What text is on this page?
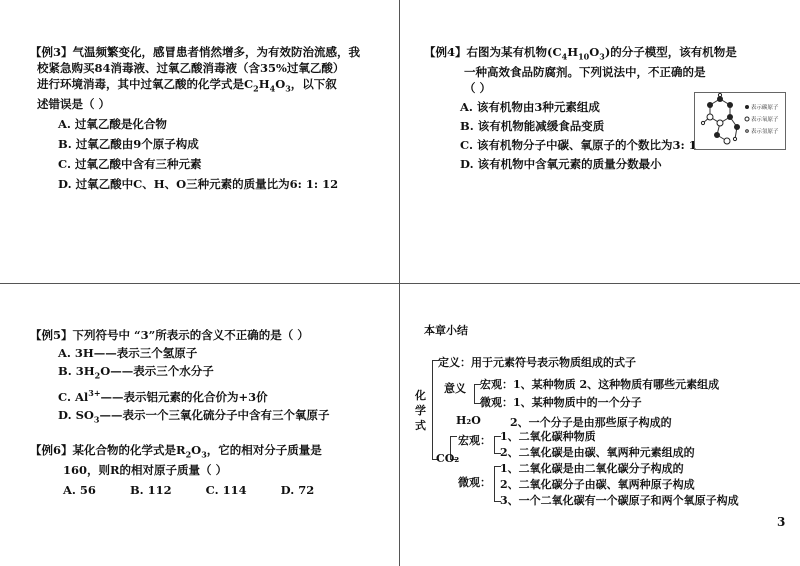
【例3】气温频繁变化，感冒患者悄然增多，为有效防治流感，我
校紧急购买84消毒液、过氧乙酸消毒液（含35%过氧乙酸）
进行环境消毒，其中过氧乙酸的化学式是$C_2H_4O_3$，以下叙
述错误是（ ）
A. 过氧乙酸是化合物
B. 过氧乙酸由9个原子构成
C. 过氧乙酸中含有三种元素
D. 过氧乙酸中C、H、O三种元素的质量比为6: 1: 12
【例4】右图为某有机物$(C_4H_{10}O_3)$的分子模型，该有机物是
一种高效食品防腐剂。下列说法中，不正确的是
（ ）
A. 该有机物由3种元素组成
B. 该有机物能减缓食品变质
C. 该有机物分子中碳、氧原子的个数比为3: 1
D. 该有机物中含氧元素的质量分数最小
表示碳原子
表示氧原子
表示氢原子
【例5】下列符号中 “3”所表示的含义不正确的是（ ）
A. 3H——表示三个氢原子
B. $3H_2O——$表示三个水分子
C. $Al^{3+}——$表示铝元素的化合价为+3价
D. $SO_3——$表示一个三氧化硫分子中含有三个氧原子
【例6】某化合物的化学式是$R_2O_3$，它的相对分子质量是
160，则R的相对原子质量（ ）
A. 56	B. 112	C. 114	D. 72
本章小结
化
学
式
定义：用于元素符号表示物质组成的式子
意义 宏观：1、某种物质 2、这种物质有哪些元素组成
微观：1、某种物质中的一个分子
H₂O	2、一个分子是由那些原子构成的
CO₂
宏观： 1、二氧化碳种物质
2、二氧化碳是由碳、氧两种元素组成的
微观：
1、二氧化碳是由二氧化碳分子构成的
2、二氧化碳分子由碳、氧两种原子构成
3、一个二氧化碳有一个碳原子和两个氧原子构成
3
